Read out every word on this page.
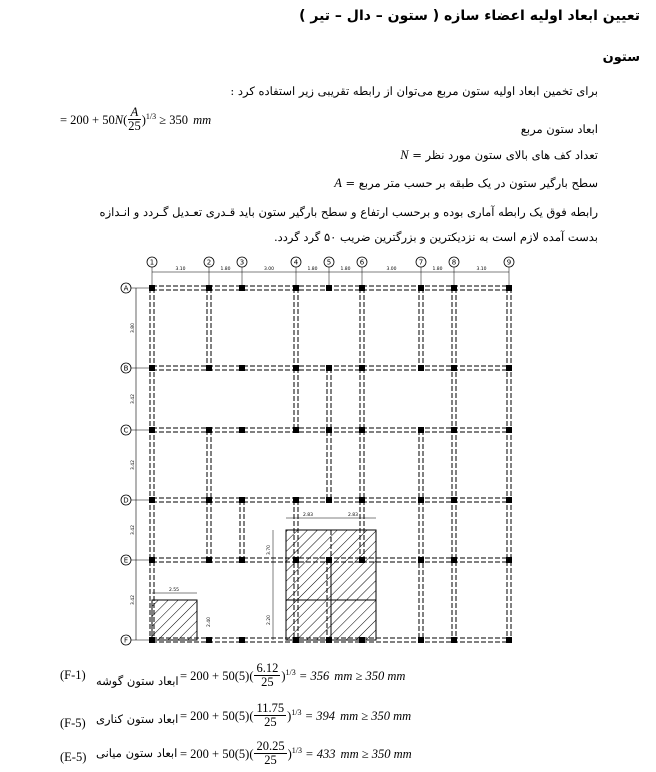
تعیین ابعاد اولیه اعضاء سازه ( ستون – دال – تیر )
ستون
برای تخمین ابعاد اولیه ستون مربع می‌توان از رابطه تقریبی زیر استفاده کرد :
= $200 + 50N( \frac{A}{25} )^{1/3} \ge 350$ mm
ابعاد ستون مربع
N = تعداد کف های بالای ستون مورد نظر
A = سطح بارگیر ستون در یک طبقه بر حسب متر مربع
رابطه فوق یک رابطه آماری بوده و برحسب ارتفاع و سطح بارگیر ستون باید قـدری تعـدیل گـردد و انـدازه
بدست آمده لازم است به نزدیکترین و بزرگترین ضریب ۵۰ گرد گردد.
3.10	1.80	3.00	1.80	1.80	3.00	1.80	3.10
1	2	3	4	5	6	7	8	9
A
B
C
D
E
F
3.80
3.42
3.42
3.42
3.42
2.55
2.40
2.83	2.83
3.70
2.20
(F-1)	= $200 + 50(5)( \frac{6.12}{25} )^{1/3} = 356$ mm ≥ 350 mm
ابعاد ستون گوشه
(F-5)	= $200 + 50(5)( \frac{11.75}{25} )^{1/3} = 394$ mm ≥ 350 mm
ابعاد ستون کناری
(E-5)	= $200 + 50(5)( \frac{20.25}{25} )^{1/3} = 433$ mm ≥ 350 mm
ابعاد ستون میانی
